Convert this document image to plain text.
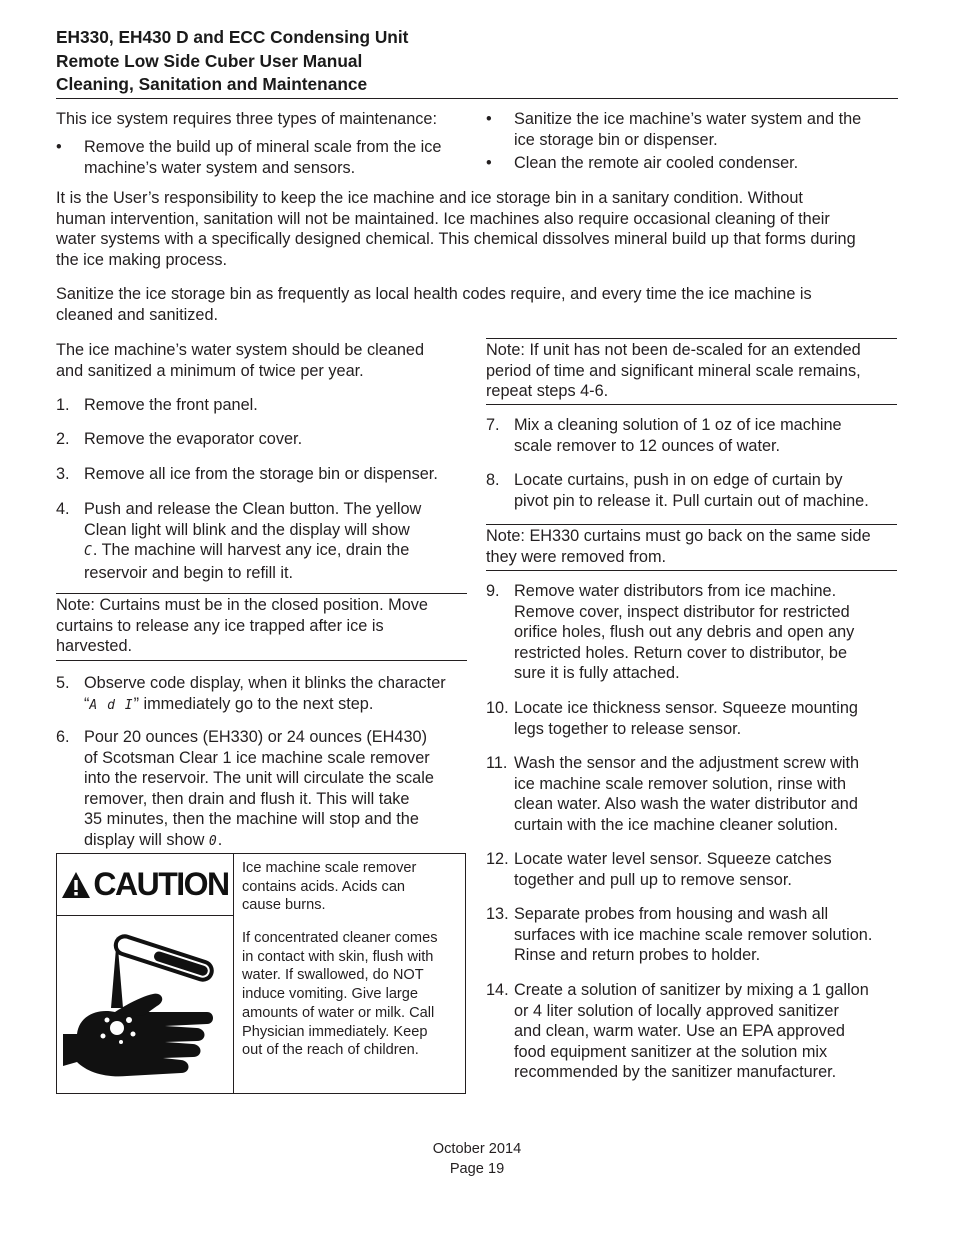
EH330, EH430 D and ECC Condensing Unit
Remote Low Side Cuber User Manual
Cleaning, Sanitation and Maintenance
This ice system requires three types of maintenance:
• Remove the build up of mineral scale from the ice
machine’s water system and sensors.
• Sanitize the ice machine’s water system and the
ice storage bin or dispenser.
• Clean the remote air cooled condenser.
It is the User’s responsibility to keep the ice machine and ice storage bin in a sanitary condition. Without
human intervention, sanitation will not be maintained. Ice machines also require occasional cleaning of their
water systems with a specifically designed chemical. This chemical dissolves mineral build up that forms during
the ice making process.
Sanitize the ice storage bin as frequently as local health codes require, and every time the ice machine is
cleaned and sanitized.
The ice machine’s water system should be cleaned
and sanitized a minimum of twice per year.
1. Remove the front panel.
2. Remove the evaporator cover.
3. Remove all ice from the storage bin or dispenser.
4. Push and release the Clean button. The yellow
Clean light will blink and the display will show
C. The machine will harvest any ice, drain the
reservoir and begin to refill it.
Note: Curtains must be in the closed position. Move
curtains to release any ice trapped after ice is
harvested.
5. Observe code display, when it blinks the character
“A d I” immediately go to the next step.
6. Pour 20 ounces (EH330) or 24 ounces (EH430)
of Scotsman Clear 1 ice machine scale remover
into the reservoir. The unit will circulate the scale
remover, then drain and flush it. This will take
35 minutes, then the machine will stop and the
display will show 0.
CAUTION Ice machine scale remover
contains acids. Acids can
cause burns.
If concentrated cleaner comes
in contact with skin, flush with
water. If swallowed, do NOT
induce vomiting. Give large
amounts of water or milk. Call
Physician immediately. Keep
out of the reach of children.
Note: If unit has not been de-scaled for an extended
period of time and significant mineral scale remains,
repeat steps 4-6.
7. Mix a cleaning solution of 1 oz of ice machine
scale remover to 12 ounces of water.
8. Locate curtains, push in on edge of curtain by
pivot pin to release it. Pull curtain out of machine.
Note: EH330 curtains must go back on the same side
they were removed from.
9. Remove water distributors from ice machine.
Remove cover, inspect distributor for restricted
orifice holes, flush out any debris and open any
restricted holes. Return cover to distributor, be
sure it is fully attached.
10. Locate ice thickness sensor. Squeeze mounting
legs together to release sensor.
11. Wash the sensor and the adjustment screw with
ice machine scale remover solution, rinse with
clean water. Also wash the water distributor and
curtain with the ice machine cleaner solution.
12. Locate water level sensor. Squeeze catches
together and pull up to remove sensor.
13. Separate probes from housing and wash all
surfaces with ice machine scale remover solution.
Rinse and return probes to holder.
14. Create a solution of sanitizer by mixing a 1 gallon
or 4 liter solution of locally approved sanitizer
and clean, warm water. Use an EPA approved
food equipment sanitizer at the solution mix
recommended by the sanitizer manufacturer.
October 2014
Page 19
